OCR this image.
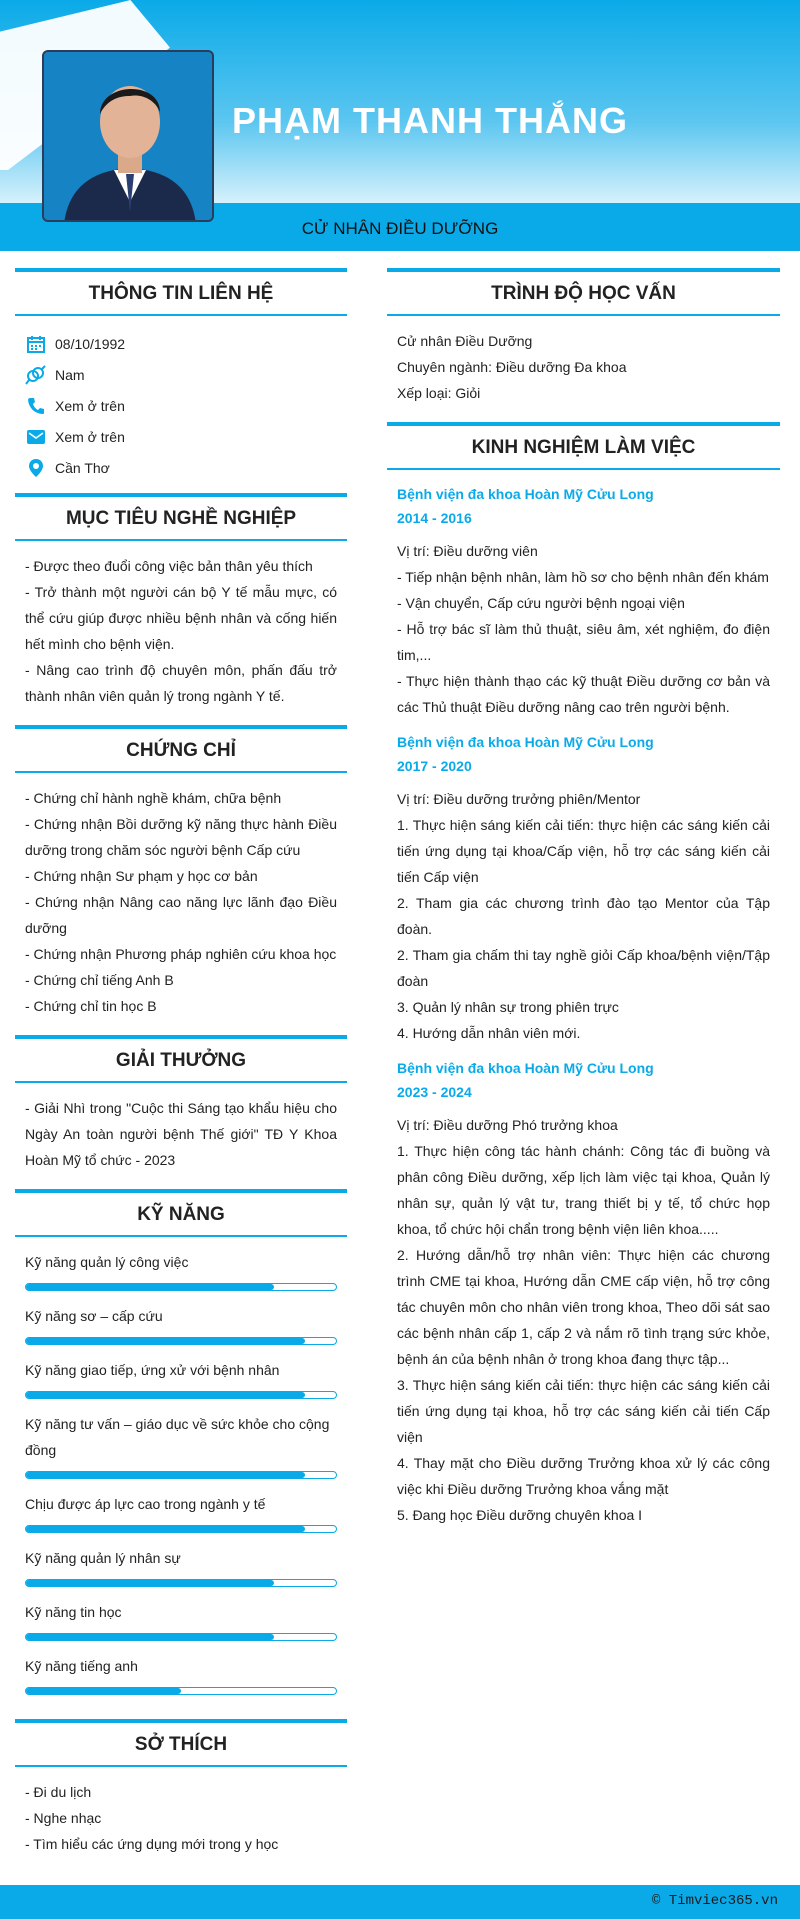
PHẠM THANH THẮNG
CỬ NHÂN ĐIỀU DƯỠNG
THÔNG TIN LIÊN HỆ
08/10/1992
Nam
Xem ở trên
Xem ở trên
Cần Thơ
MỤC TIÊU NGHỀ NGHIỆP
- Được theo đuổi công việc bản thân yêu thích
- Trở thành một người cán bộ Y tế mẫu mực, có thể cứu giúp được nhiều bệnh nhân và cống hiến hết mình cho bệnh viện.
- Nâng cao trình độ chuyên môn, phấn đấu trở thành nhân viên quản lý trong ngành Y tế.
CHỨNG CHỈ
- Chứng chỉ hành nghề khám, chữa bệnh
- Chứng nhận Bồi dưỡng kỹ năng thực hành Điều dưỡng trong chăm sóc người bệnh Cấp cứu
- Chứng nhận Sư phạm y học cơ bản
- Chứng nhận Nâng cao năng lực lãnh đạo Điều dưỡng
- Chứng nhận Phương pháp nghiên cứu khoa học
- Chứng chỉ tiếng Anh B
- Chứng chỉ tin học B
GIẢI THƯỞNG
- Giải Nhì trong "Cuộc thi Sáng tạo khẩu hiệu cho Ngày An toàn người bệnh Thế giới" TĐ Y Khoa Hoàn Mỹ tổ chức - 2023
KỸ NĂNG
Kỹ năng quản lý công việc
Kỹ năng sơ – cấp cứu
Kỹ năng giao tiếp, ứng xử với bệnh nhân
Kỹ năng tư vấn – giáo dục về sức khỏe cho cộng đồng
Chịu được áp lực cao trong ngành y tế
Kỹ năng quản lý nhân sự
Kỹ năng tin học
Kỹ năng tiếng anh
SỞ THÍCH
- Đi du lịch
- Nghe nhạc
- Tìm hiểu các ứng dụng mới trong y học
TRÌNH ĐỘ HỌC VẤN
Cử nhân Điều Dưỡng
Chuyên ngành: Điều dưỡng Đa khoa
Xếp loại: Giỏi
KINH NGHIỆM LÀM VIỆC
Bệnh viện đa khoa Hoàn Mỹ Cửu Long
2014 - 2016
Vị trí: Điều dưỡng viên
- Tiếp nhận bệnh nhân, làm hồ sơ cho bệnh nhân đến khám
- Vận chuyển, Cấp cứu người bệnh ngoại viện
- Hỗ trợ bác sĩ làm thủ thuật, siêu âm, xét nghiệm, đo điện tim,...
- Thực hiện thành thạo các kỹ thuật Điều dưỡng cơ bản và các Thủ thuật Điều dưỡng nâng cao trên người bệnh.
Bệnh viện đa khoa Hoàn Mỹ Cửu Long
2017 - 2020
Vị trí: Điều dưỡng trưởng phiên/Mentor
1. Thực hiện sáng kiến cải tiến: thực hiện các sáng kiến cải tiến ứng dụng tại khoa/Cấp viện, hỗ trợ các sáng kiến cải tiến Cấp viện
2. Tham gia các chương trình đào tạo Mentor của Tập đoàn.
2. Tham gia chấm thi tay nghề giỏi Cấp khoa/bệnh viện/Tập đoàn
3. Quản lý nhân sự trong phiên trực
4. Hướng dẫn nhân viên mới.
Bệnh viện đa khoa Hoàn Mỹ Cửu Long
2023 - 2024
Vị trí: Điều dưỡng Phó trưởng khoa
1. Thực hiện công tác hành chánh: Công tác đi buồng và phân công Điều dưỡng, xếp lịch làm việc tại khoa, Quản lý nhân sự, quản lý vật tư, trang thiết bị y tế, tổ chức họp khoa, tổ chức hội chẩn trong bệnh viện liên khoa.....
2. Hướng dẫn/hỗ trợ nhân viên: Thực hiện các chương trình CME tại khoa, Hướng dẫn CME cấp viện, hỗ trợ công tác chuyên môn cho nhân viên trong khoa, Theo dõi sát sao các bệnh nhân cấp 1, cấp 2 và nắm rõ tình trạng sức khỏe, bệnh án của bệnh nhân ở trong khoa đang thực tập...
3. Thực hiện sáng kiến cải tiến: thực hiện các sáng kiến cải tiến ứng dụng tại khoa, hỗ trợ các sáng kiến cải tiến Cấp viện
4. Thay mặt cho Điều dưỡng Trưởng khoa xử lý các công việc khi Điều dưỡng Trưởng khoa vắng mặt
5. Đang học Điều dưỡng chuyên khoa I
© Timviec365.vn
